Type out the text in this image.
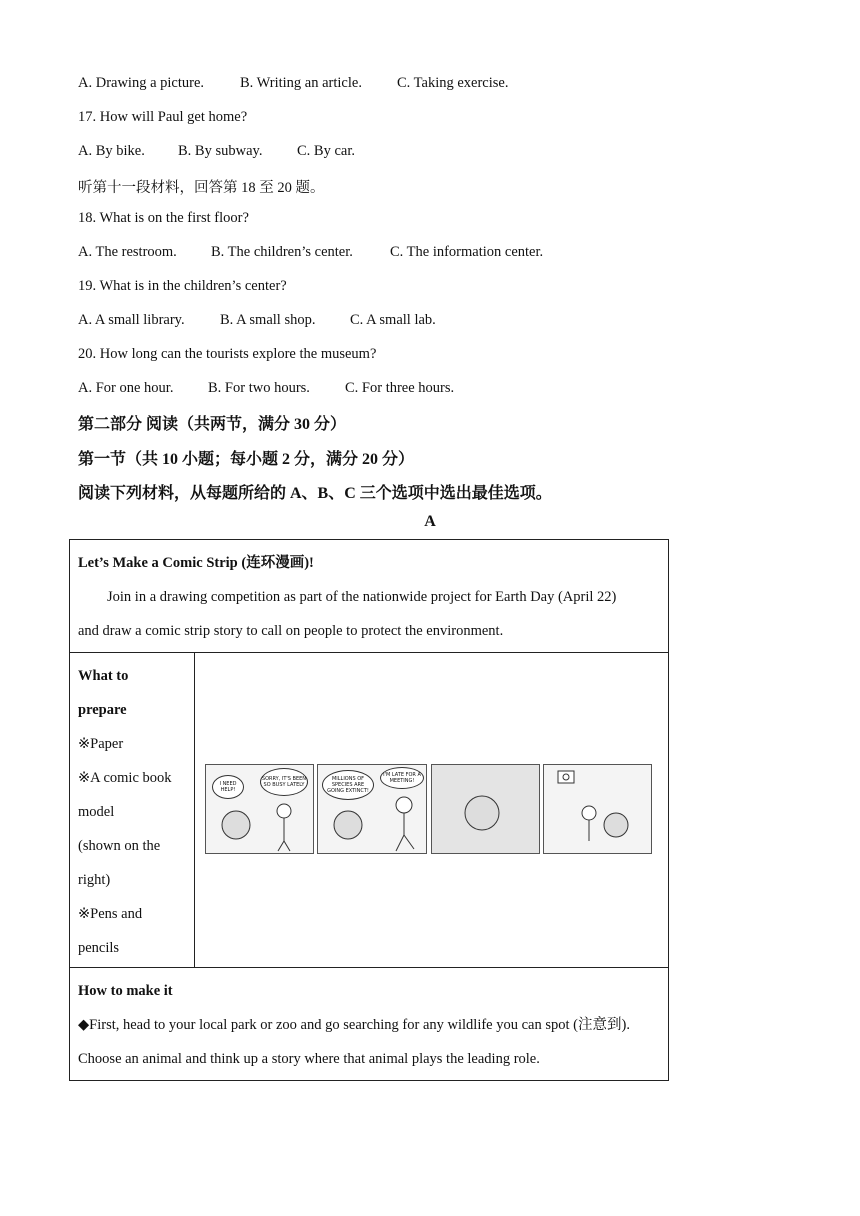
A. Drawing a picture. B. Writing an article. C. Taking exercise.
17. How will Paul get home?
A. By bike. B. By subway. C. By car.
听第十一段材料，回答第 18 至 20 题。
18. What is on the first floor?
A. The restroom. B. The children’s center.	C. The information center.
19. What is in the children’s center?
A. A small library. B. A small shop. C. A small lab.
20. How long can the tourists explore the museum?
A. For one hour. B. For two hours. C. For three hours.
第二部分 阅读（共两节，满分 30 分）
第一节（共 10 小题；每小题 2 分，满分 20 分）
阅读下列材料，从每题所给的 A、B、C 三个选项中选出最佳选项。
A
Let’s Make a Comic Strip (连环漫画)!
Join in a drawing competition as part of the nationwide project for Earth Day (April 22)
and draw a comic strip story to call on people to protect the environment.

What to
prepare
※Paper
※A comic book
model
(shown on the
right)
※Pens and
pencils

I NEED HELP!
SORRY, IT'S BEEN SO BUSY LATELY
MILLIONS OF SPECIES ARE GOING EXTINCT!
I'M LATE FOR A MEETING!

How to make it
◆First, head to your local park or zoo and go searching for any wildlife you can spot (注意到).
Choose an animal and think up a story where that animal plays the leading role.
